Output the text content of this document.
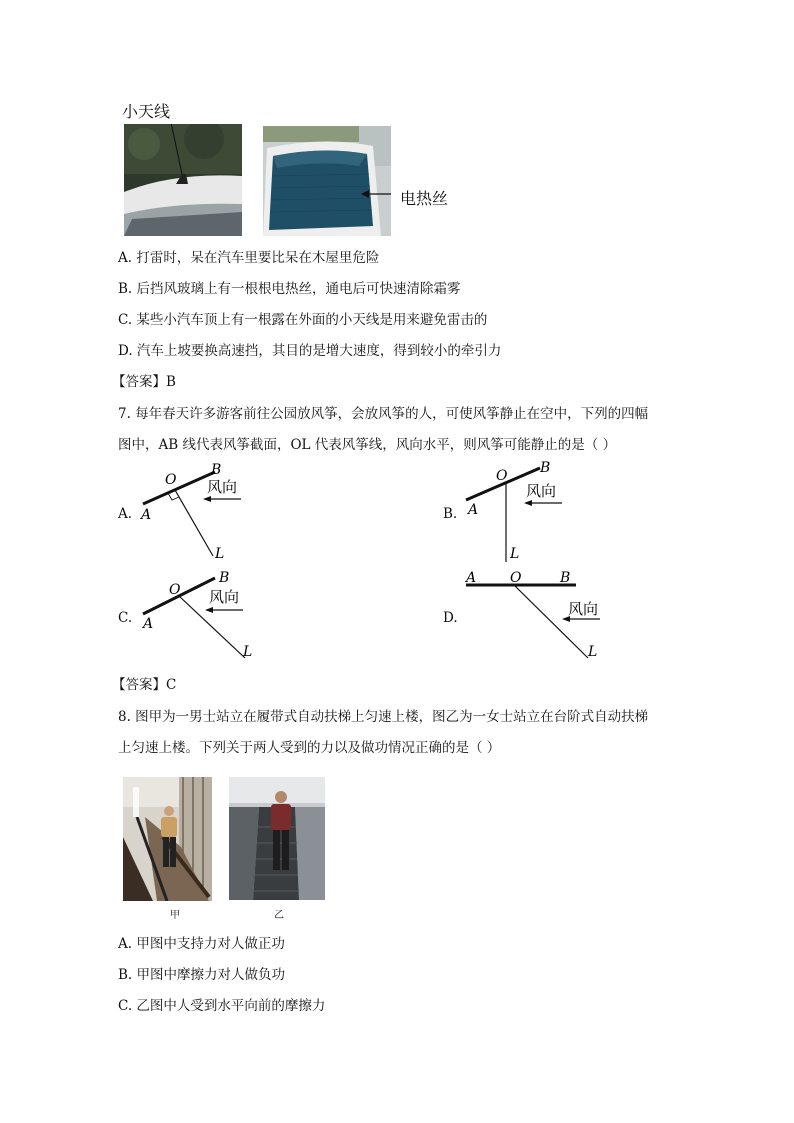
小天线
电热丝
A. 打雷时，呆在汽车里要比呆在木屋里危险
B. 后挡风玻璃上有一根根电热丝，通电后可快速清除霜雾
C. 某些小汽车顶上有一根露在外面的小天线是用来避免雷击的
D. 汽车上坡要换高速挡，其目的是增大速度，得到较小的牵引力
【答案】B
7. 每年春天许多游客前往公园放风筝，会放风筝的人，可使风筝静止在空中，下列的四幅
图中，AB 线代表风筝截面，OL 代表风筝线，风向水平，则风筝可能静止的是（ ）
A. A
O
B
L
风向
B. A
O B
L
风向
C. A
O
B
L
风向
D.
A O	B
L
风向
【答案】C
8. 图甲为一男士站立在履带式自动扶梯上匀速上楼，图乙为一女士站立在台阶式自动扶梯
上匀速上楼。下列关于两人受到的力以及做功情况正确的是（ ）
甲	乙
A. 甲图中支持力对人做正功
B. 甲图中摩擦力对人做负功
C. 乙图中人受到水平向前的摩擦力
